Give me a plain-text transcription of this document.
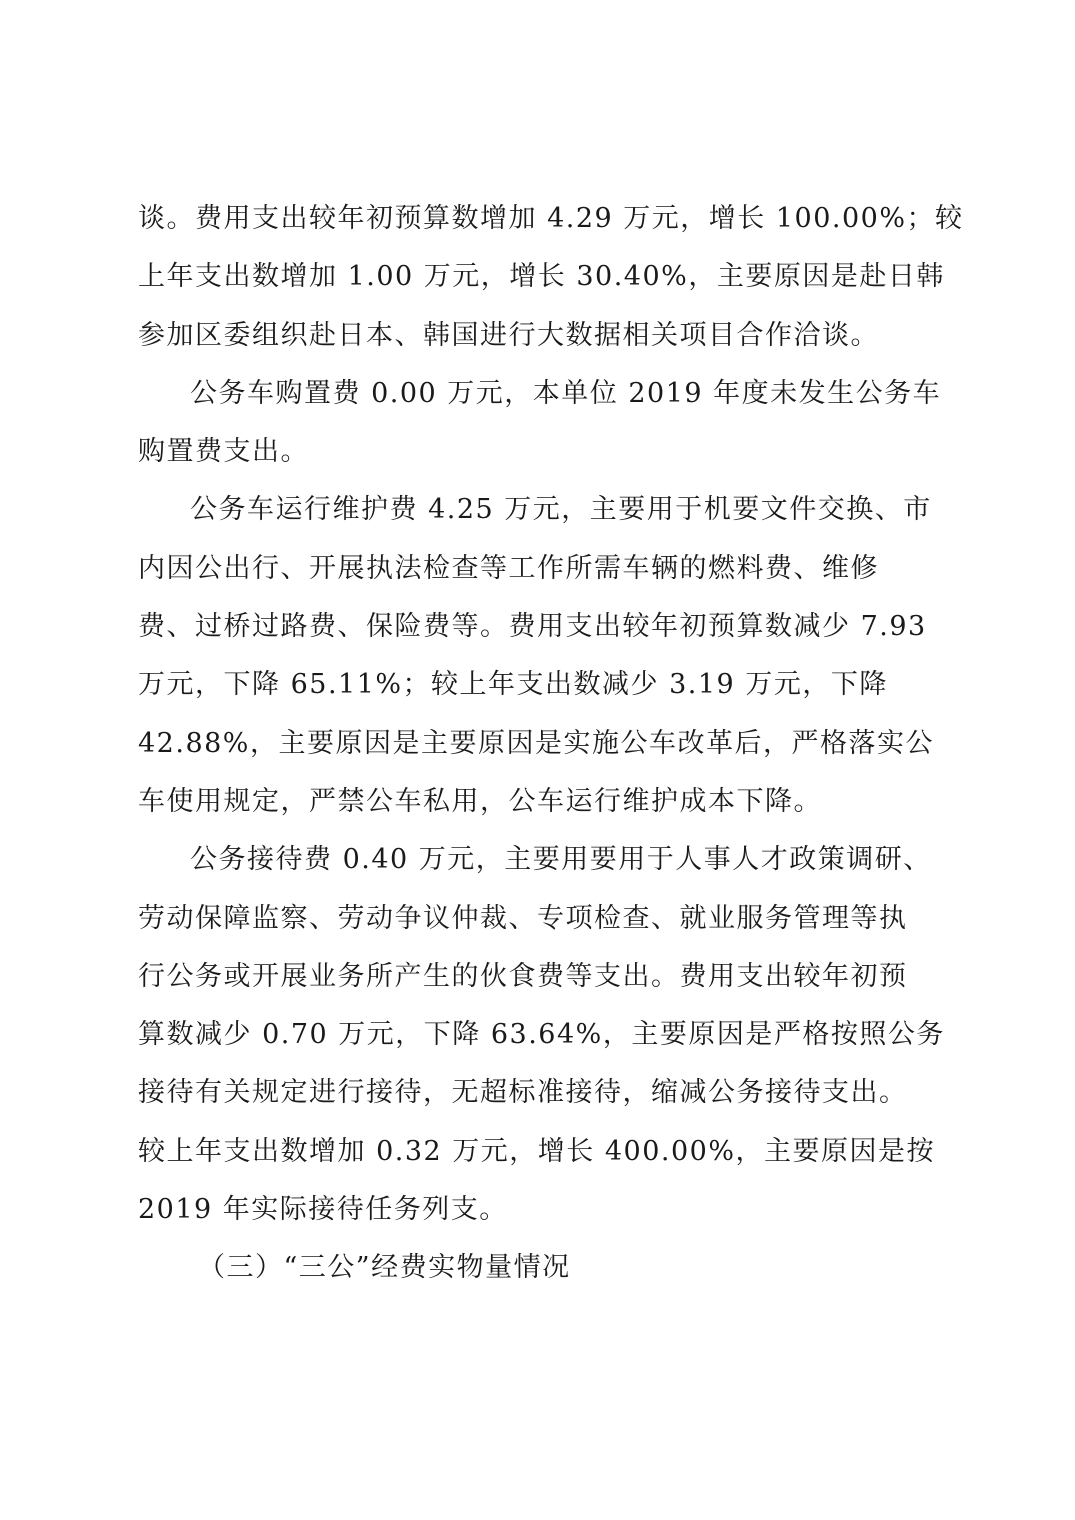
谈。费用支出较年初预算数增加 4.29 万元，增长 100.00%；较
上年支出数增加 1.00 万元，增长 30.40%，主要原因是赴日韩
参加区委组织赴日本、韩国进行大数据相关项目合作洽谈。
公务车购置费 0.00 万元，本单位 2019 年度未发生公务车
购置费支出。
公务车运行维护费 4.25 万元，主要用于机要文件交换、市
内因公出行、开展执法检查等工作所需车辆的燃料费、维修
费、过桥过路费、保险费等。费用支出较年初预算数减少 7.93
万元，下降 65.11%；较上年支出数减少 3.19 万元，下降
42.88%，主要原因是主要原因是实施公车改革后，严格落实公
车使用规定，严禁公车私用，公车运行维护成本下降。
公务接待费 0.40 万元，主要用要用于人事人才政策调研、
劳动保障监察、劳动争议仲裁、专项检查、就业服务管理等执
行公务或开展业务所产生的伙食费等支出。费用支出较年初预
算数减少 0.70 万元，下降 63.64%，主要原因是严格按照公务
接待有关规定进行接待，无超标准接待，缩减公务接待支出。
较上年支出数增加 0.32 万元，增长 400.00%，主要原因是按
2019 年实际接待任务列支。
（三）“三公”经费实物量情况
